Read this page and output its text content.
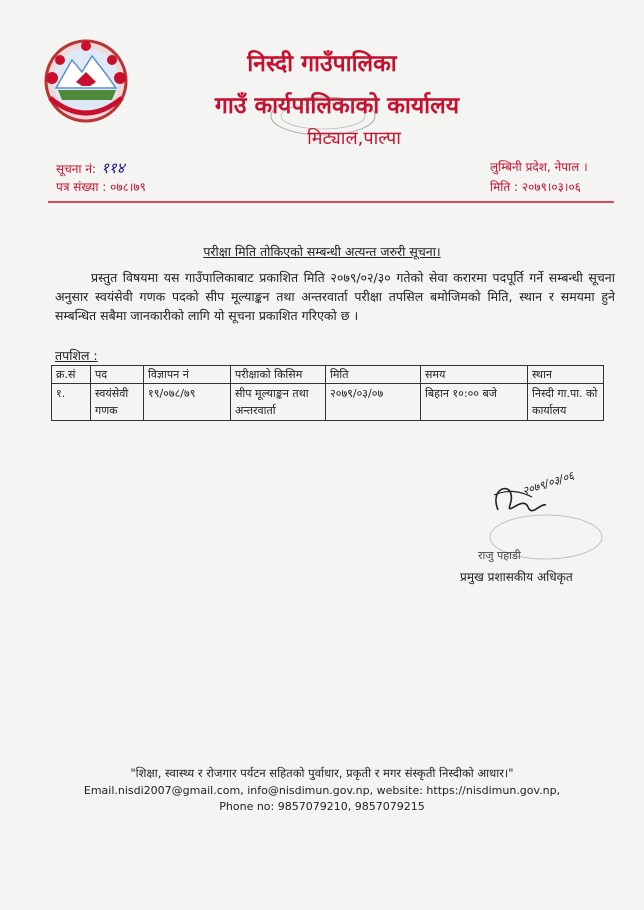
निस्दी गाउँपालिका
गाउँ कार्यपालिकाको कार्यालय
मिट्याल,पाल्पा
सूचना नं: ११४
पत्र संख्या : ०७८।७९
लुम्बिनी प्रदेश, नेपाल ।
मिति : २०७९।०३।०६
परीक्षा मिति तोकिएको सम्बन्धी अत्यन्त जरुरी सूचना।
प्रस्तुत विषयमा यस गाउँपालिकाबाट प्रकाशित मिति २०७९/०२/३० गतेको सेवा करारमा पदपूर्ति गर्ने सम्बन्धी सूचना अनुसार स्वयंसेवी गणक पदको सीप मूल्याङ्कन तथा अन्तरवार्ता परीक्षा तपसिल बमोजिमको मिति, स्थान र समयमा हुने सम्बन्धित सबैमा जानकारीको लागि यो सूचना प्रकाशित गरिएको छ ।
तपशिल :
क्र.सं	पद	विज्ञापन नं	परीक्षाको किसिम	मिति	समय	स्थान
१.	स्वयंसेवी गणक	१९/०७८/७९	सीप मूल्याङ्कन तथा अन्तरवार्ता	२०७९/०३/०७	बिहान १०:०० बजे	निस्दी गा.पा. को कार्यालय
२०७९/०३/०६
राजु पहाडी
प्रमुख प्रशासकीय अधिकृत
"शिक्षा, स्वास्थ्य र रोजगार पर्यटन सहितको पुर्वाधार, प्रकृती र मगर संस्कृती निस्दीको आधार।"
Email.nisdi2007@gmail.com, info@nisdimun.gov.np, website: https://nisdimun.gov.np,
Phone no: 9857079210, 9857079215
